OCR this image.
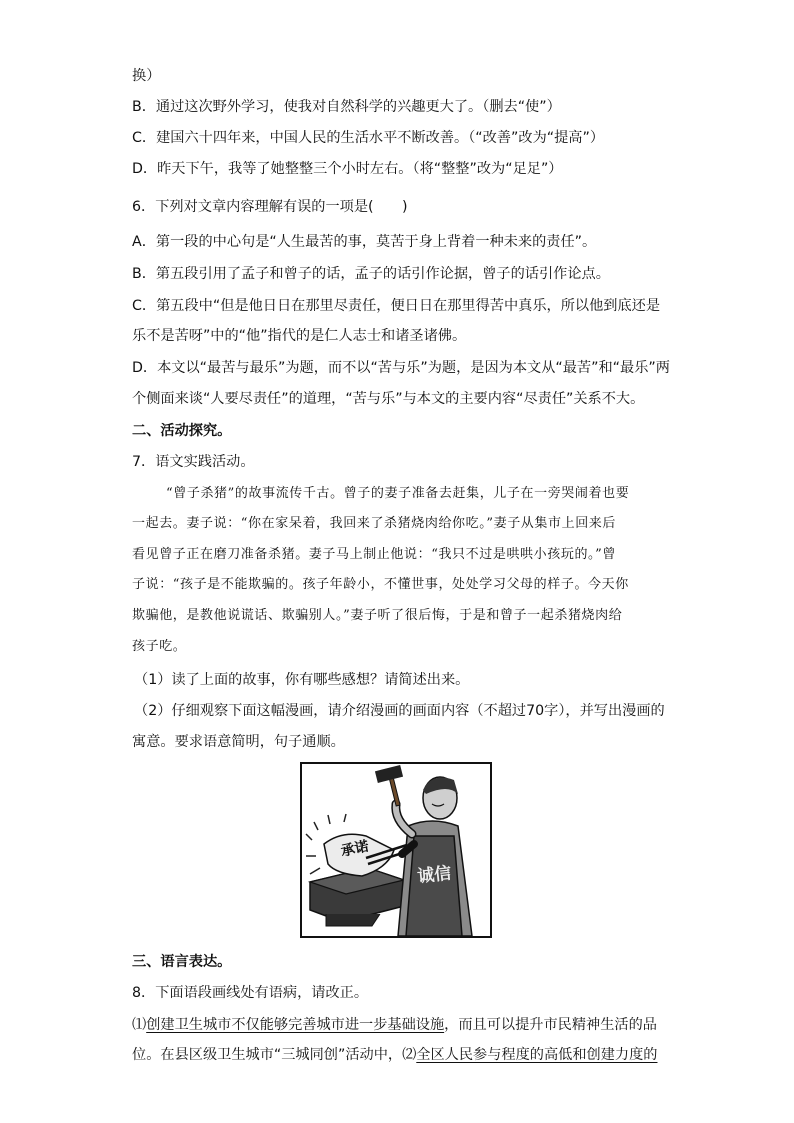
换）
B．通过这次野外学习，使我对自然科学的兴趣更大了。（删去“使”）
C．建国六十四年来，中国人民的生活水平不断改善。（“改善”改为“提高”）
D．昨天下午，我等了她整整三个小时左右。（将“整整”改为“足足”）
6．下列对文章内容理解有误的一项是(　　)
A．第一段的中心句是“人生最苦的事，莫苦于身上背着一种未来的责任”。
B．第五段引用了孟子和曾子的话，孟子的话引作论据，曾子的话引作论点。
C．第五段中“但是他日日在那里尽责任，便日日在那里得苦中真乐，所以他到底还是
乐不是苦呀”中的“他”指代的是仁人志士和诸圣诸佛。
D．本文以“最苦与最乐”为题，而不以“苦与乐”为题，是因为本文从“最苦”和“最乐”两
个侧面来谈“人要尽责任”的道理，“苦与乐”与本文的主要内容“尽责任”关系不大。
二、活动探究。
7．语文实践活动。
“曾子杀猪”的故事流传千古。曾子的妻子准备去赶集，儿子在一旁哭闹着也要
一起去。妻子说：“你在家呆着，我回来了杀猪烧肉给你吃。”妻子从集市上回来后
看见曾子正在磨刀准备杀猪。妻子马上制止他说：“我只不过是哄哄小孩玩的。”曾
子说：“孩子是不能欺骗的。孩子年龄小，不懂世事，处处学习父母的样子。今天你
欺骗他，是教他说谎话、欺骗别人。”妻子听了很后悔，于是和曾子一起杀猪烧肉给
孩子吃。
（1）读了上面的故事，你有哪些感想？请简述出来。
（2）仔细观察下面这幅漫画，请介绍漫画的画面内容（不超过70字），并写出漫画的
寓意。要求语意简明，句子通顺。
承诺
诚信
三、语言表达。
8．下面语段画线处有语病，请改正。
⑴创建卫生城市不仅能够完善城市进一步基础设施，而且可以提升市民精神生活的品
位。在县区级卫生城市“三城同创”活动中，⑵全区人民参与程度的高低和创建力度的
